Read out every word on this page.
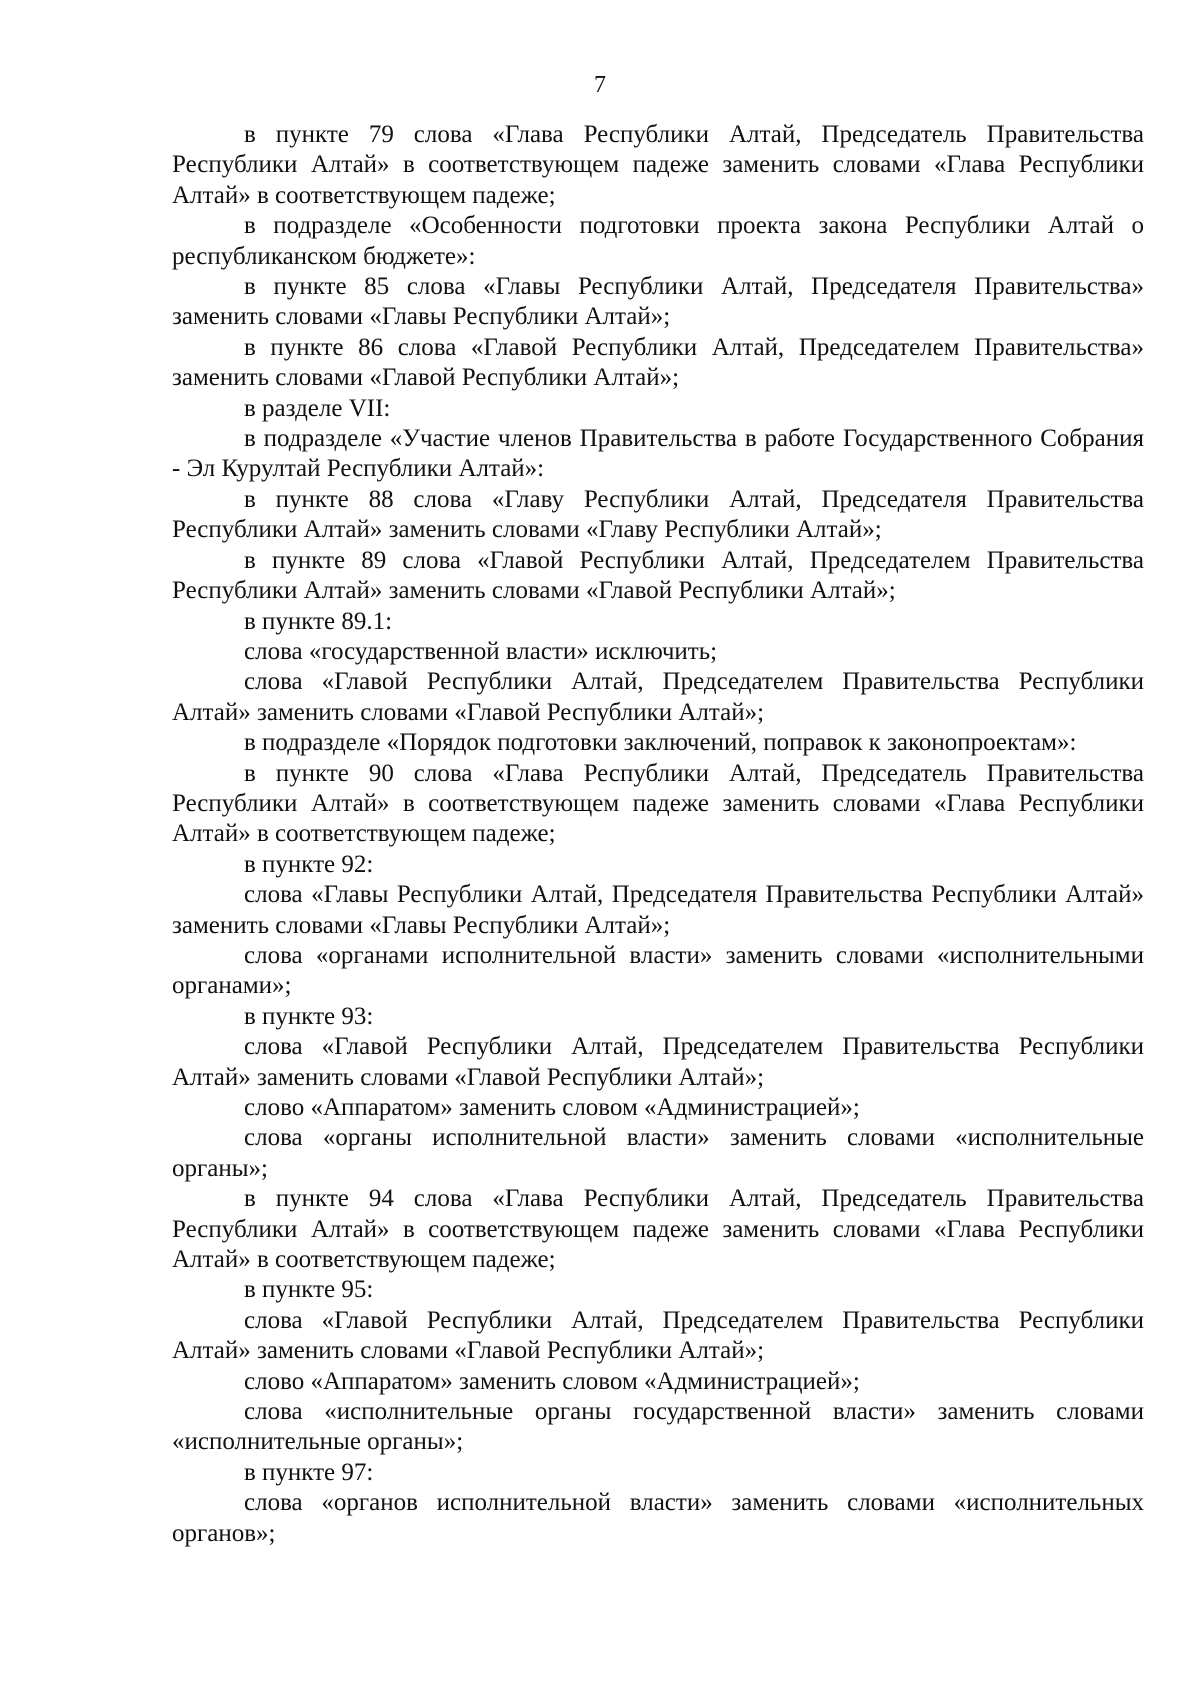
7

в пункте 79 слова «Глава Республики Алтай, Председатель Правительства Республики Алтай» в соответствующем падеже заменить словами «Глава Республики Алтай» в соответствующем падеже;

в подразделе «Особенности подготовки проекта закона Республики Алтай о республиканском бюджете»:

в пункте 85 слова «Главы Республики Алтай, Председателя Правительства» заменить словами «Главы Республики Алтай»;

в пункте 86 слова «Главой Республики Алтай, Председателем Правительства» заменить словами «Главой Республики Алтай»;

в разделе VII:

в подразделе «Участие членов Правительства в работе Государственного Собрания - Эл Курултай Республики Алтай»:

в пункте 88 слова «Главу Республики Алтай, Председателя Правительства Республики Алтай» заменить словами «Главу Республики Алтай»;

в пункте 89 слова «Главой Республики Алтай, Председателем Правительства Республики Алтай» заменить словами «Главой Республики Алтай»;

в пункте 89.1:

слова «государственной власти» исключить;

слова «Главой Республики Алтай, Председателем Правительства Республики Алтай» заменить словами «Главой Республики Алтай»;

в подразделе «Порядок подготовки заключений, поправок к законопроектам»:

в пункте 90 слова «Глава Республики Алтай, Председатель Правительства Республики Алтай» в соответствующем падеже заменить словами «Глава Республики Алтай» в соответствующем падеже;

в пункте 92:

слова «Главы Республики Алтай, Председателя Правительства Республики Алтай» заменить словами «Главы Республики Алтай»;

слова «органами исполнительной власти» заменить словами «исполнительными органами»;

в пункте 93:

слова «Главой Республики Алтай, Председателем Правительства Республики Алтай» заменить словами «Главой Республики Алтай»;

слово «Аппаратом» заменить словом «Администрацией»;

слова «органы исполнительной власти» заменить словами «исполнительные органы»;

в пункте 94 слова «Глава Республики Алтай, Председатель Правительства Республики Алтай» в соответствующем падеже заменить словами «Глава Республики Алтай» в соответствующем падеже;

в пункте 95:

слова «Главой Республики Алтай, Председателем Правительства Республики Алтай» заменить словами «Главой Республики Алтай»;

слово «Аппаратом» заменить словом «Администрацией»;

слова «исполнительные органы государственной власти» заменить словами «исполнительные органы»;

в пункте 97:

слова «органов исполнительной власти» заменить словами «исполнительных органов»;
